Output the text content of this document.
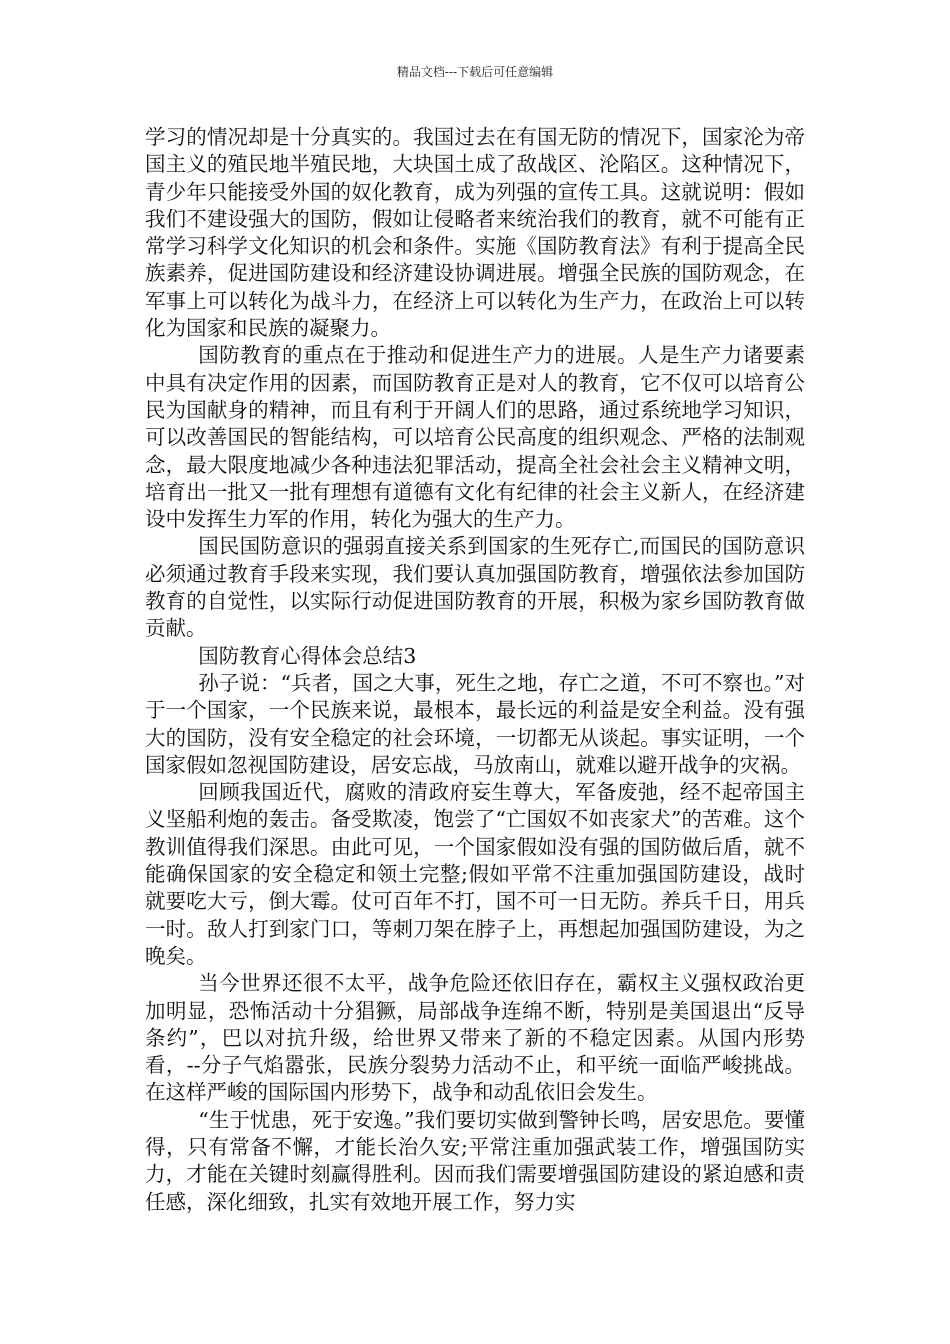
精品文档---下载后可任意编辑

学习的情况却是十分真实的。我国过去在有国无防的情况下，国家沦为帝国主义的殖民地半殖民地，大块国土成了敌战区、沦陷区。这种情况下，青少年只能接受外国的奴化教育，成为列强的宣传工具。这就说明：假如我们不建设强大的国防，假如让侵略者来统治我们的教育，就不可能有正常学习科学文化知识的机会和条件。实施《国防教育法》有利于提高全民族素养，促进国防建设和经济建设协调进展。增强全民族的国防观念，在军事上可以转化为战斗力，在经济上可以转化为生产力，在政治上可以转化为国家和民族的凝聚力。

国防教育的重点在于推动和促进生产力的进展。人是生产力诸要素中具有决定作用的因素，而国防教育正是对人的教育，它不仅可以培育公民为国献身的精神，而且有利于开阔人们的思路，通过系统地学习知识，可以改善国民的智能结构，可以培育公民高度的组织观念、严格的法制观念，最大限度地减少各种违法犯罪活动，提高全社会社会主义精神文明，培育出一批又一批有理想有道德有文化有纪律的社会主义新人，在经济建设中发挥生力军的作用，转化为强大的生产力。

国民国防意识的强弱直接关系到国家的生死存亡,而国民的国防意识必须通过教育手段来实现，我们要认真加强国防教育，增强依法参加国防教育的自觉性，以实际行动促进国防教育的开展，积极为家乡国防教育做贡献。

国防教育心得体会总结3

孙子说：“兵者，国之大事，死生之地，存亡之道，不可不察也。”对于一个国家，一个民族来说，最根本，最长远的利益是安全利益。没有强大的国防，没有安全稳定的社会环境，一切都无从谈起。事实证明，一个国家假如忽视国防建设，居安忘战，马放南山，就难以避开战争的灾祸。

回顾我国近代，腐败的清政府妄生尊大，军备废弛，经不起帝国主义坚船利炮的轰击。备受欺凌，饱尝了“亡国奴不如丧家犬”的苦难。这个教训值得我们深思。由此可见，一个国家假如没有强的国防做后盾，就不能确保国家的安全稳定和领土完整;假如平常不注重加强国防建设，战时就要吃大亏，倒大霉。仗可百年不打，国不可一日无防。养兵千日，用兵一时。敌人打到家门口，等刺刀架在脖子上，再想起加强国防建设，为之晚矣。

当今世界还很不太平，战争危险还依旧存在，霸权主义强权政治更加明显，恐怖活动十分猖獗，局部战争连绵不断，特别是美国退出“反导条约”，巴以对抗升级，给世界又带来了新的不稳定因素。从国内形势看，--分子气焰嚣张，民族分裂势力活动不止，和平统一面临严峻挑战。在这样严峻的国际国内形势下，战争和动乱依旧会发生。

“生于忧患，死于安逸。”我们要切实做到警钟长鸣，居安思危。要懂得，只有常备不懈，才能长治久安;平常注重加强武装工作，增强国防实力，才能在关键时刻赢得胜利。因而我们需要增强国防建设的紧迫感和责任感，深化细致，扎实有效地开展工作，努力实
